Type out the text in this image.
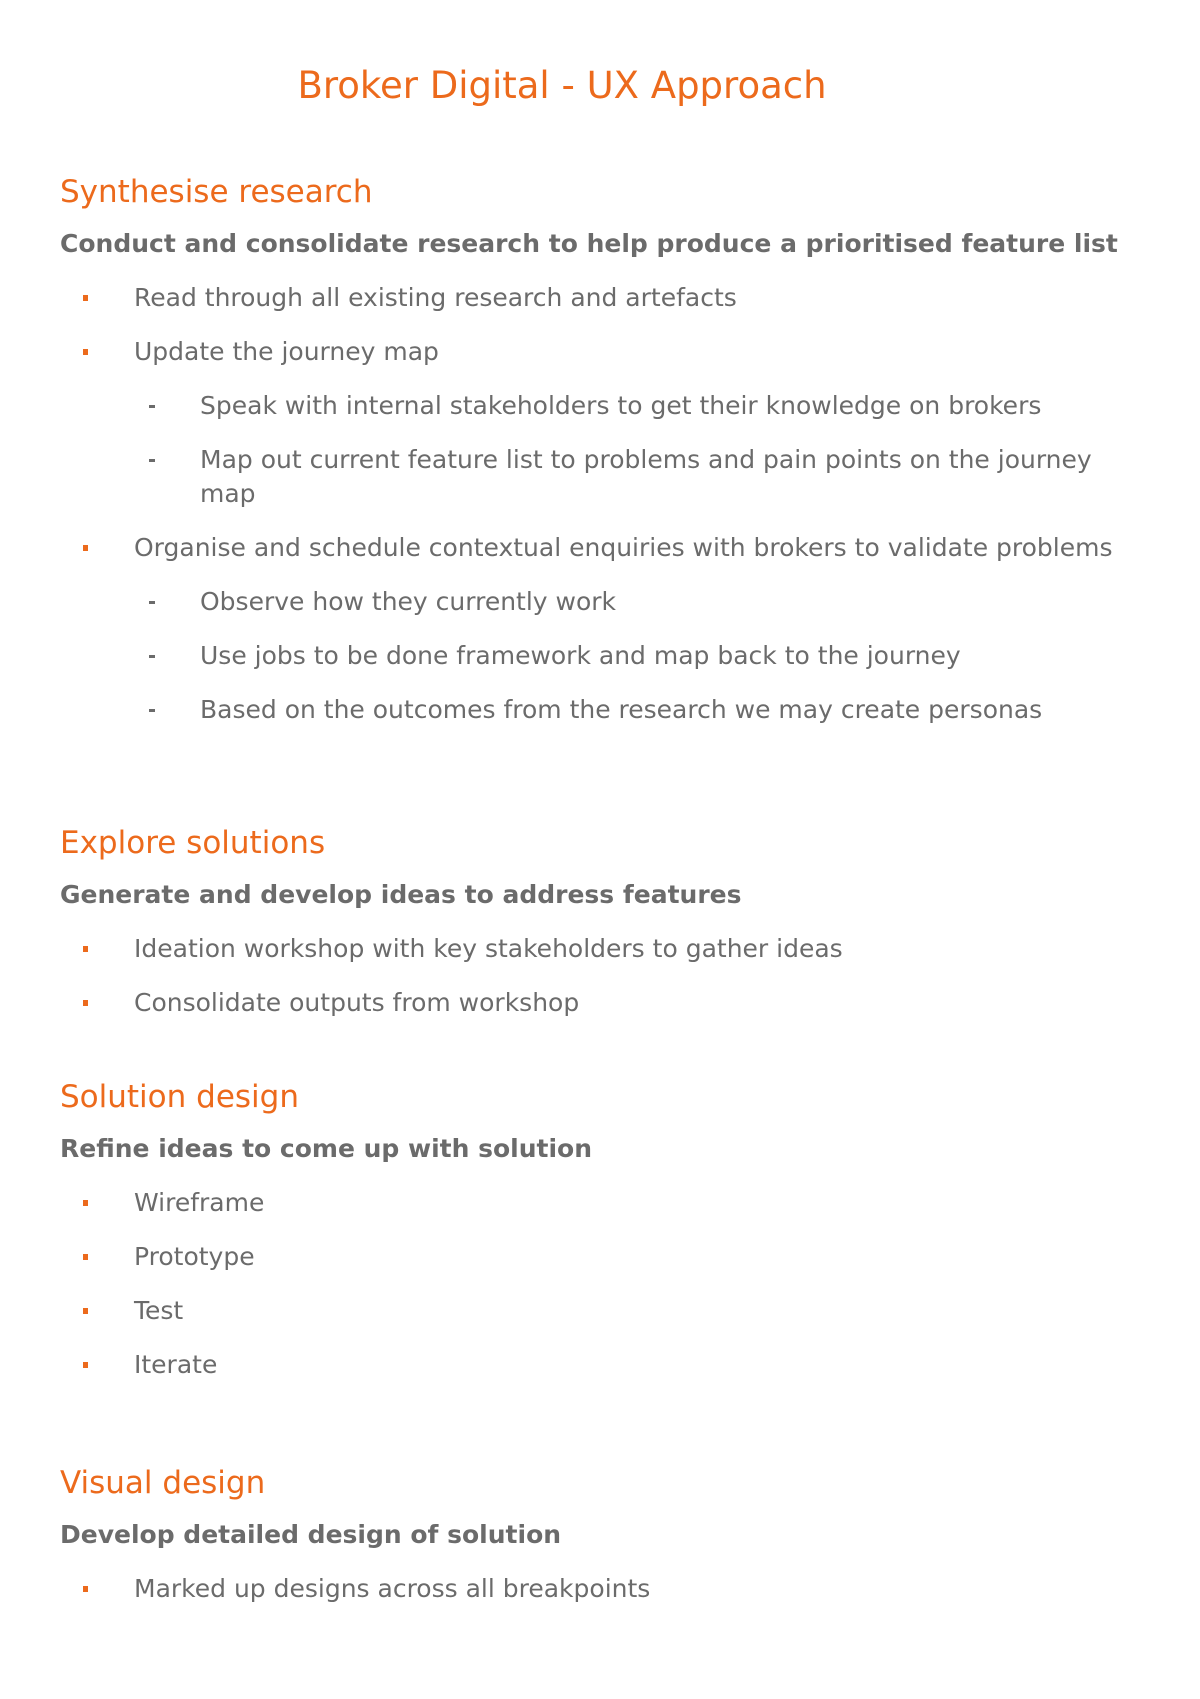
Broker Digital - UX Approach
Synthesise research

Conduct and consolidate research to help produce a prioritised feature list

Read through all existing research and artefacts
Update the journey map
Speak with internal stakeholders to get their knowledge on brokers
Map out current feature list to problems and pain points on the journey map
Organise and schedule contextual enquiries with brokers to validate problems
Observe how they currently work
Use jobs to be done framework and map back to the journey
Based on the outcomes from the research we may create personas
Explore solutions

Generate and develop ideas to address features

Ideation workshop with key stakeholders to gather ideas
Consolidate outputs from workshop
Solution design

Refine ideas to come up with solution

Wireframe
Prototype
Test
Iterate
Visual design

Develop detailed design of solution

Marked up designs across all breakpoints
